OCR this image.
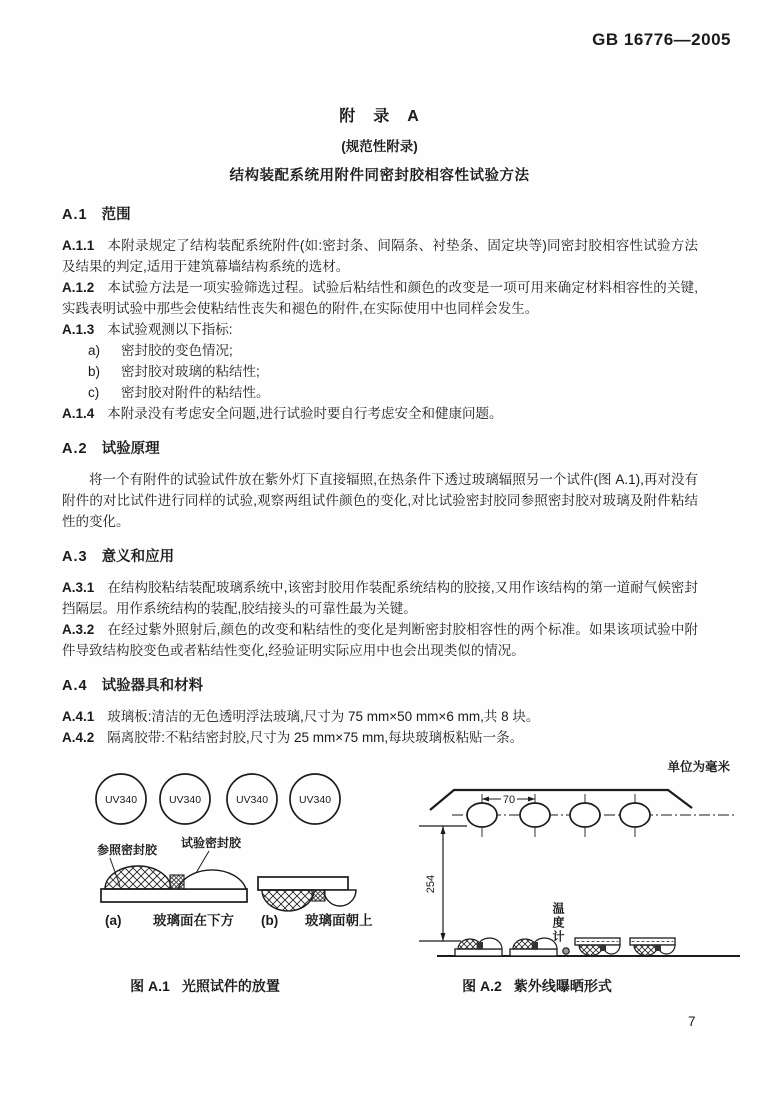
GB 16776—2005
附　录　A
(规范性附录)
结构装配系统用附件同密封胶相容性试验方法
A.1 范围

A.1.1 本附录规定了结构装配系统附件(如:密封条、间隔条、衬垫条、固定块等)同密封胶相容性试验方法及结果的判定,适用于建筑幕墙结构系统的选材。

A.1.2 本试验方法是一项实验筛选过程。试验后粘结性和颜色的改变是一项可用来确定材料相容性的关键,实践表明试验中那些会使粘结性丧失和褪色的附件,在实际使用中也同样会发生。

A.1.3 本试验观测以下指标:

a) 密封胶的变色情况;
b) 密封胶对玻璃的粘结性;
c) 密封胶对附件的粘结性。

A.1.4 本附录没有考虑安全问题,进行试验时要自行考虑安全和健康问题。

A.2 试验原理

将一个有附件的试验试件放在紫外灯下直接辐照,在热条件下透过玻璃辐照另一个试件(图 A.1),再对没有附件的对比试件进行同样的试验,观察两组试件颜色的变化,对比试验密封胶同参照密封胶对玻璃及附件粘结性的变化。

A.3 意义和应用

A.3.1 在结构胶粘结装配玻璃系统中,该密封胶用作装配系统结构的胶接,又用作该结构的第一道耐气候密封挡隔层。用作系统结构的装配,胶结接头的可靠性最为关键。

A.3.2 在经过紫外照射后,颜色的改变和粘结性的变化是判断密封胶相容性的两个标准。如果该项试验中附件导致结构胶变色或者粘结性变化,经验证明实际应用中也会出现类似的情况。

A.4 试验器具和材料

A.4.1 玻璃板:清洁的无色透明浮法玻璃,尺寸为 75 mm×50 mm×6 mm,共 8 块。

A.4.2 隔离胶带:不粘结密封胶,尺寸为 25 mm×75 mm,每块玻璃板粘贴一条。

单位为毫米
UV340	UV340	UV340	UV340
参照密封胶 试验密封胶
(a) 玻璃面在下方 (b) 玻璃面朝上
70
254
温度计
图 A.1 光照试件的放置	图 A.2 紫外线曝晒形式
7
